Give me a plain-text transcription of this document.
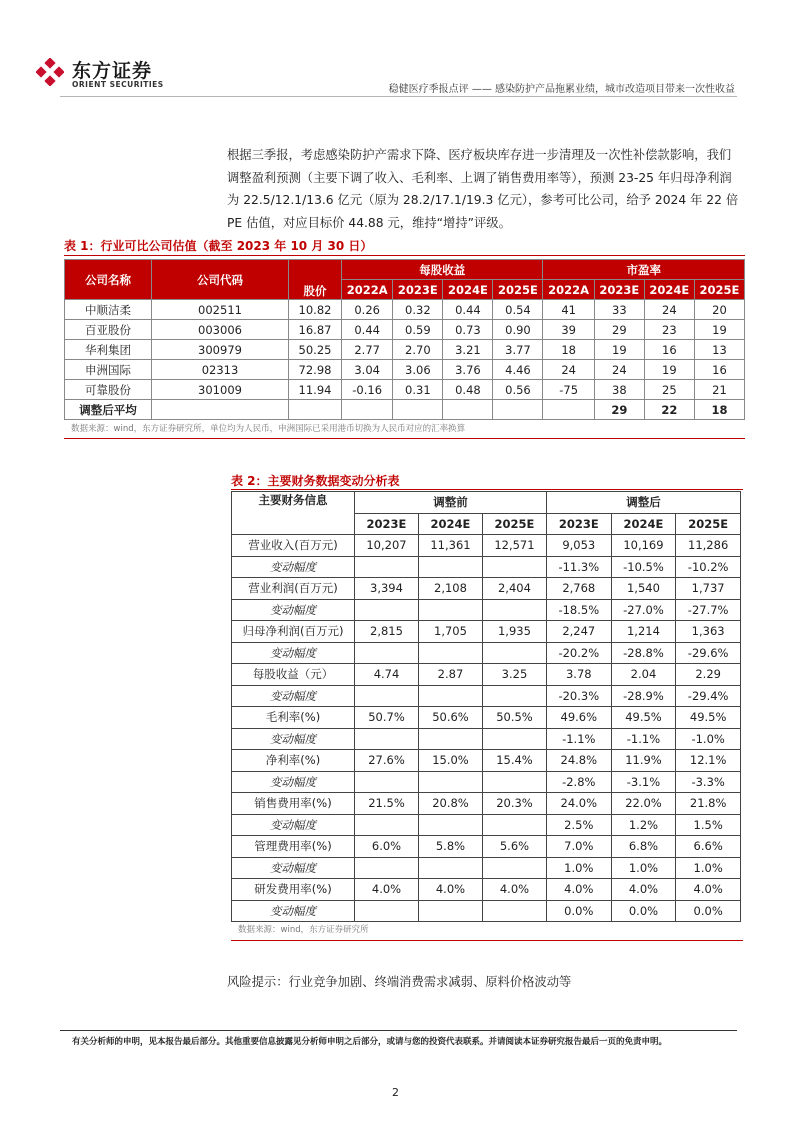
东方证券
ORIENT SECURITIES	稳健医疗季报点评 —— 感染防护产品拖累业绩，城市改造项目带来一次性收益
根据三季报，考虑感染防护产需求下降、医疗板块库存进一步清理及一次性补偿款影响，我们调整盈利预测（主要下调了收入、毛利率、上调了销售费用率等），预测 23-25 年归母净利润为 22.5/12.1/13.6 亿元（原为 28.2/17.1/19.3 亿元），参考可比公司，给予 2024 年 22 倍 PE 估值，对应目标价 44.88 元，维持“增持”评级。
表 1：行业可比公司估值（截至 2023 年 10 月 30 日）
公司名称	公司代码	股价	每股收益				市盈率			
			2022A	2023E	2024E	2025E	2022A	2023E	2024E	2025E
中顺洁柔	002511	10.82	0.26	0.32	0.44	0.54	41	33	24	20
百亚股份	003006	16.87	0.44	0.59	0.73	0.90	39	29	23	19
华利集团	300979	50.25	2.77	2.70	3.21	3.77	18	19	16	13
申洲国际	02313	72.98	3.04	3.06	3.76	4.46	24	24	19	16
可靠股份	301009	11.94	-0.16	0.31	0.48	0.56	-75	38	25	21
调整后平均								29	22	18
数据来源：wind，东方证券研究所，单位均为人民币，申洲国际已采用港币切换为人民币对应的汇率换算
表 2：主要财务数据变动分析表
主要财务信息	调整前			调整后		
	2023E	2024E	2025E	2023E	2024E	2025E
营业收入(百万元)	10,207	11,361	12,571	9,053	10,169	11,286
变动幅度				-11.3%	-10.5%	-10.2%
营业利润(百万元)	3,394	2,108	2,404	2,768	1,540	1,737
变动幅度				-18.5%	-27.0%	-27.7%
归母净利润(百万元)	2,815	1,705	1,935	2,247	1,214	1,363
变动幅度				-20.2%	-28.8%	-29.6%
每股收益（元）	4.74	2.87	3.25	3.78	2.04	2.29
变动幅度				-20.3%	-28.9%	-29.4%
毛利率(%)	50.7%	50.6%	50.5%	49.6%	49.5%	49.5%
变动幅度				-1.1%	-1.1%	-1.0%
净利率(%)	27.6%	15.0%	15.4%	24.8%	11.9%	12.1%
变动幅度				-2.8%	-3.1%	-3.3%
销售费用率(%)	21.5%	20.8%	20.3%	24.0%	22.0%	21.8%
变动幅度				2.5%	1.2%	1.5%
管理费用率(%)	6.0%	5.8%	5.6%	7.0%	6.8%	6.6%
变动幅度				1.0%	1.0%	1.0%
研发费用率(%)	4.0%	4.0%	4.0%	4.0%	4.0%	4.0%
变动幅度				0.0%	0.0%	0.0%
数据来源：wind，东方证券研究所
风险提示：行业竞争加剧、终端消费需求减弱、原料价格波动等
有关分析师的申明，见本报告最后部分。其他重要信息披露见分析师申明之后部分，或请与您的投资代表联系。并请阅读本证券研究报告最后一页的免责申明。
2
